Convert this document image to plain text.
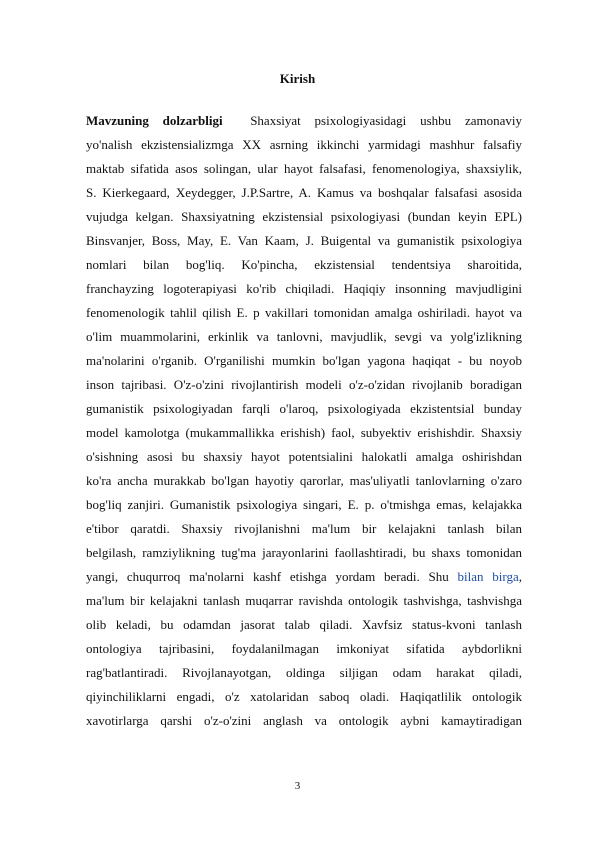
Kirish
Mavzuning dolzarbligi Shaxsiyat psixologiyasidagi ushbu zamonaviy
yo'nalish ekzistensializmga XX asrning ikkinchi yarmidagi mashhur falsafiy
maktab sifatida asos solingan, ular hayot falsafasi, fenomenologiya, shaxsiylik,
S. Kierkegaard, Xeydegger, J.P.Sartre, A. Kamus va boshqalar falsafasi asosida
vujudga kelgan. Shaxsiyatning ekzistensial psixologiyasi (bundan keyin EPL)
Binsvanjer, Boss, May, E. Van Kaam, J. Buigental va gumanistik psixologiya
nomlari bilan bog'liq. Ko'pincha, ekzistensial tendentsiya sharoitida,
franchayzing logoterapiyasi ko'rib chiqiladi. Haqiqiy insonning mavjudligini
fenomenologik tahlil qilish E. p vakillari tomonidan amalga oshiriladi. hayot va
o'lim muammolarini, erkinlik va tanlovni, mavjudlik, sevgi va yolg'izlikning
ma'nolarini o'rganib. O'rganilishi mumkin bo'lgan yagona haqiqat - bu noyob
inson tajribasi. O'z-o'zini rivojlantirish modeli o'z-o'zidan rivojlanib boradigan
gumanistik psixologiyadan farqli o'laroq, psixologiyada ekzistentsial bunday
model kamolotga (mukammallikka erishish) faol, subyektiv erishishdir. Shaxsiy
o'sishning asosi bu shaxsiy hayot potentsialini halokatli amalga oshirishdan
ko'ra ancha murakkab bo'lgan hayotiy qarorlar, mas'uliyatli tanlovlarning o'zaro
bog'liq zanjiri. Gumanistik psixologiya singari, E. p. o'tmishga emas, kelajakka
e'tibor qaratdi. Shaxsiy rivojlanishni ma'lum bir kelajakni tanlash bilan
belgilash, ramziylikning tug'ma jarayonlarini faollashtiradi, bu shaxs tomonidan
yangi, chuqurroq ma'nolarni kashf etishga yordam beradi. Shu bilan birga,
ma'lum bir kelajakni tanlash muqarrar ravishda ontologik tashvishga, tashvishga
olib keladi, bu odamdan jasorat talab qiladi. Xavfsiz status-kvoni tanlash
ontologiya tajribasini, foydalanilmagan imkoniyat sifatida aybdorlikni
rag'batlantiradi. Rivojlanayotgan, oldinga siljigan odam harakat qiladi,
qiyinchiliklarni engadi, o'z xatolaridan saboq oladi. Haqiqatlilik ontologik
xavotirlarga qarshi o'z-o'zini anglash va ontologik aybni kamaytiradigan
3
